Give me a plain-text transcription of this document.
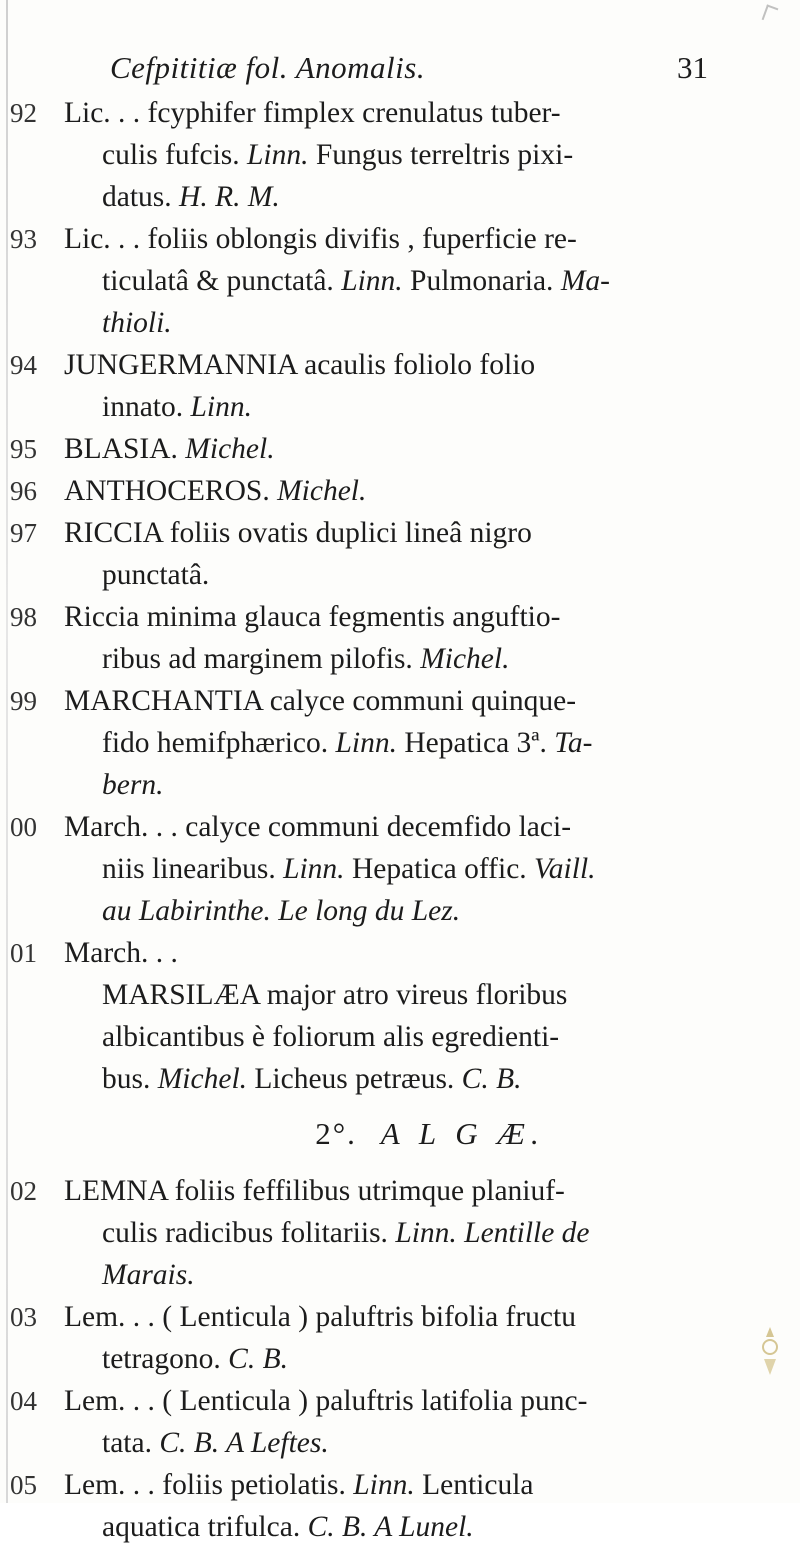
Cefpititiæ fol. Anomalis.	31
92 Lic. . . fcyphifer fimplex crenulatus tuber-
culis fufcis. Linn. Fungus terreltris pixi-
datus. H. R. M.
93 Lic. . . foliis oblongis divifis , fuperficie re-
ticulatâ & punctatâ. Linn. Pulmonaria. Ma-
thioli.
94 JUNGERMANNIA acaulis foliolo folio
innato. Linn.
95 BLASIA. Michel.
96 ANTHOCEROS. Michel.
97 RICCIA foliis ovatis duplici lineâ nigro
punctatâ.
98 Riccia minima glauca fegmentis anguftio-
ribus ad marginem pilofis. Michel.
99 MARCHANTIA calyce communi quinque-
fido hemifphærico. Linn. Hepatica 3ª. Ta-
bern.
00 March. . . calyce communi decemfido laci-
niis linearibus. Linn. Hepatica offic. Vaill.
au Labirinthe. Le long du Lez.
01 March. . .
MARSILÆA major atro vireus floribus
albicantibus è foliorum alis egredienti-
bus. Michel. Licheus petræus. C. B.
2°. A L G Æ.
02 LEMNA foliis feffilibus utrimque planiuf-
culis radicibus folitariis. Linn. Lentille de
Marais.
03 Lem. . . ( Lenticula ) paluftris bifolia fructu
tetragono. C. B.
04 Lem. . . ( Lenticula ) paluftris latifolia punc-
tata. C. B. A Leftes.
05 Lem. . . foliis petiolatis. Linn. Lenticula
aquatica trifulca. C. B. A Lunel.
